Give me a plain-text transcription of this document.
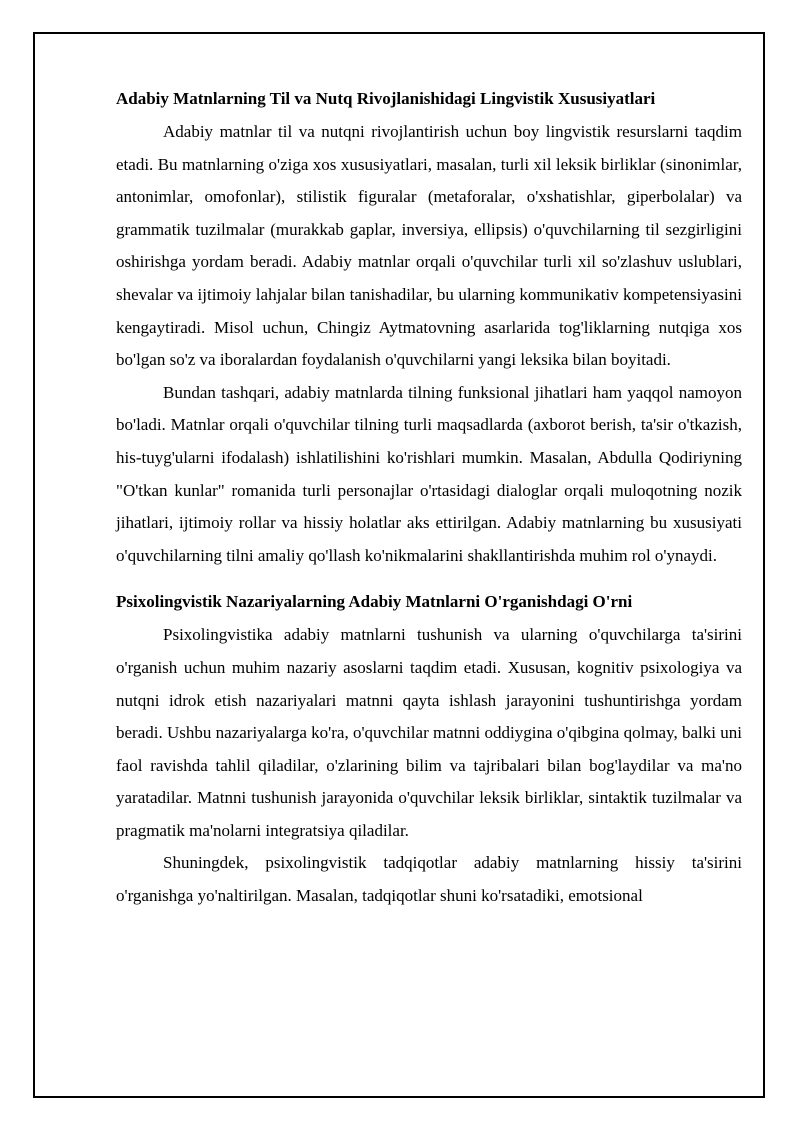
Adabiy Matnlarning Til va Nutq Rivojlanishidagi Lingvistik Xususiyatlari

Adabiy matnlar til va nutqni rivojlantirish uchun boy lingvistik resurslarni taqdim etadi. Bu matnlarning o'ziga xos xususiyatlari, masalan, turli xil leksik birliklar (sinonimlar, antonimlar, omofonlar), stilistik figuralar (metaforalar, o'xshatishlar, giperbolalar) va grammatik tuzilmalar (murakkab gaplar, inversiya, ellipsis) o'quvchilarning til sezgirligini oshirishga yordam beradi. Adabiy matnlar orqali o'quvchilar turli xil so'zlashuv uslublari, shevalar va ijtimoiy lahjalar bilan tanishadilar, bu ularning kommunikativ kompetensiyasini kengaytiradi. Misol uchun, Chingiz Aytmatovning asarlarida tog'liklarning nutqiga xos bo'lgan so'z va iboralardan foydalanish o'quvchilarni yangi leksika bilan boyitadi.

Bundan tashqari, adabiy matnlarda tilning funksional jihatlari ham yaqqol namoyon bo'ladi. Matnlar orqali o'quvchilar tilning turli maqsadlarda (axborot berish, ta'sir o'tkazish, his-tuyg'ularni ifodalash) ishlatilishini ko'rishlari mumkin. Masalan, Abdulla Qodiriyning "O'tkan kunlar" romanida turli personajlar o'rtasidagi dialoglar orqali muloqotning nozik jihatlari, ijtimoiy rollar va hissiy holatlar aks ettirilgan. Adabiy matnlarning bu xususiyati o'quvchilarning tilni amaliy qo'llash ko'nikmalarini shakllantirishda muhim rol o'ynaydi.

Psixolingvistik Nazariyalarning Adabiy Matnlarni O'rganishdagi O'rni

Psixolingvistika adabiy matnlarni tushunish va ularning o'quvchilarga ta'sirini o'rganish uchun muhim nazariy asoslarni taqdim etadi. Xususan, kognitiv psixologiya va nutqni idrok etish nazariyalari matnni qayta ishlash jarayonini tushuntirishga yordam beradi. Ushbu nazariyalarga ko'ra, o'quvchilar matnni oddiygina o'qibgina qolmay, balki uni faol ravishda tahlil qiladilar, o'zlarining bilim va tajribalari bilan bog'laydilar va ma'no yaratadilar. Matnni tushunish jarayonida o'quvchilar leksik birliklar, sintaktik tuzilmalar va pragmatik ma'nolarni integratsiya qiladilar.

Shuningdek, psixolingvistik tadqiqotlar adabiy matnlarning hissiy ta'sirini o'rganishga yo'naltirilgan. Masalan, tadqiqotlar shuni ko'rsatadiki, emotsional
